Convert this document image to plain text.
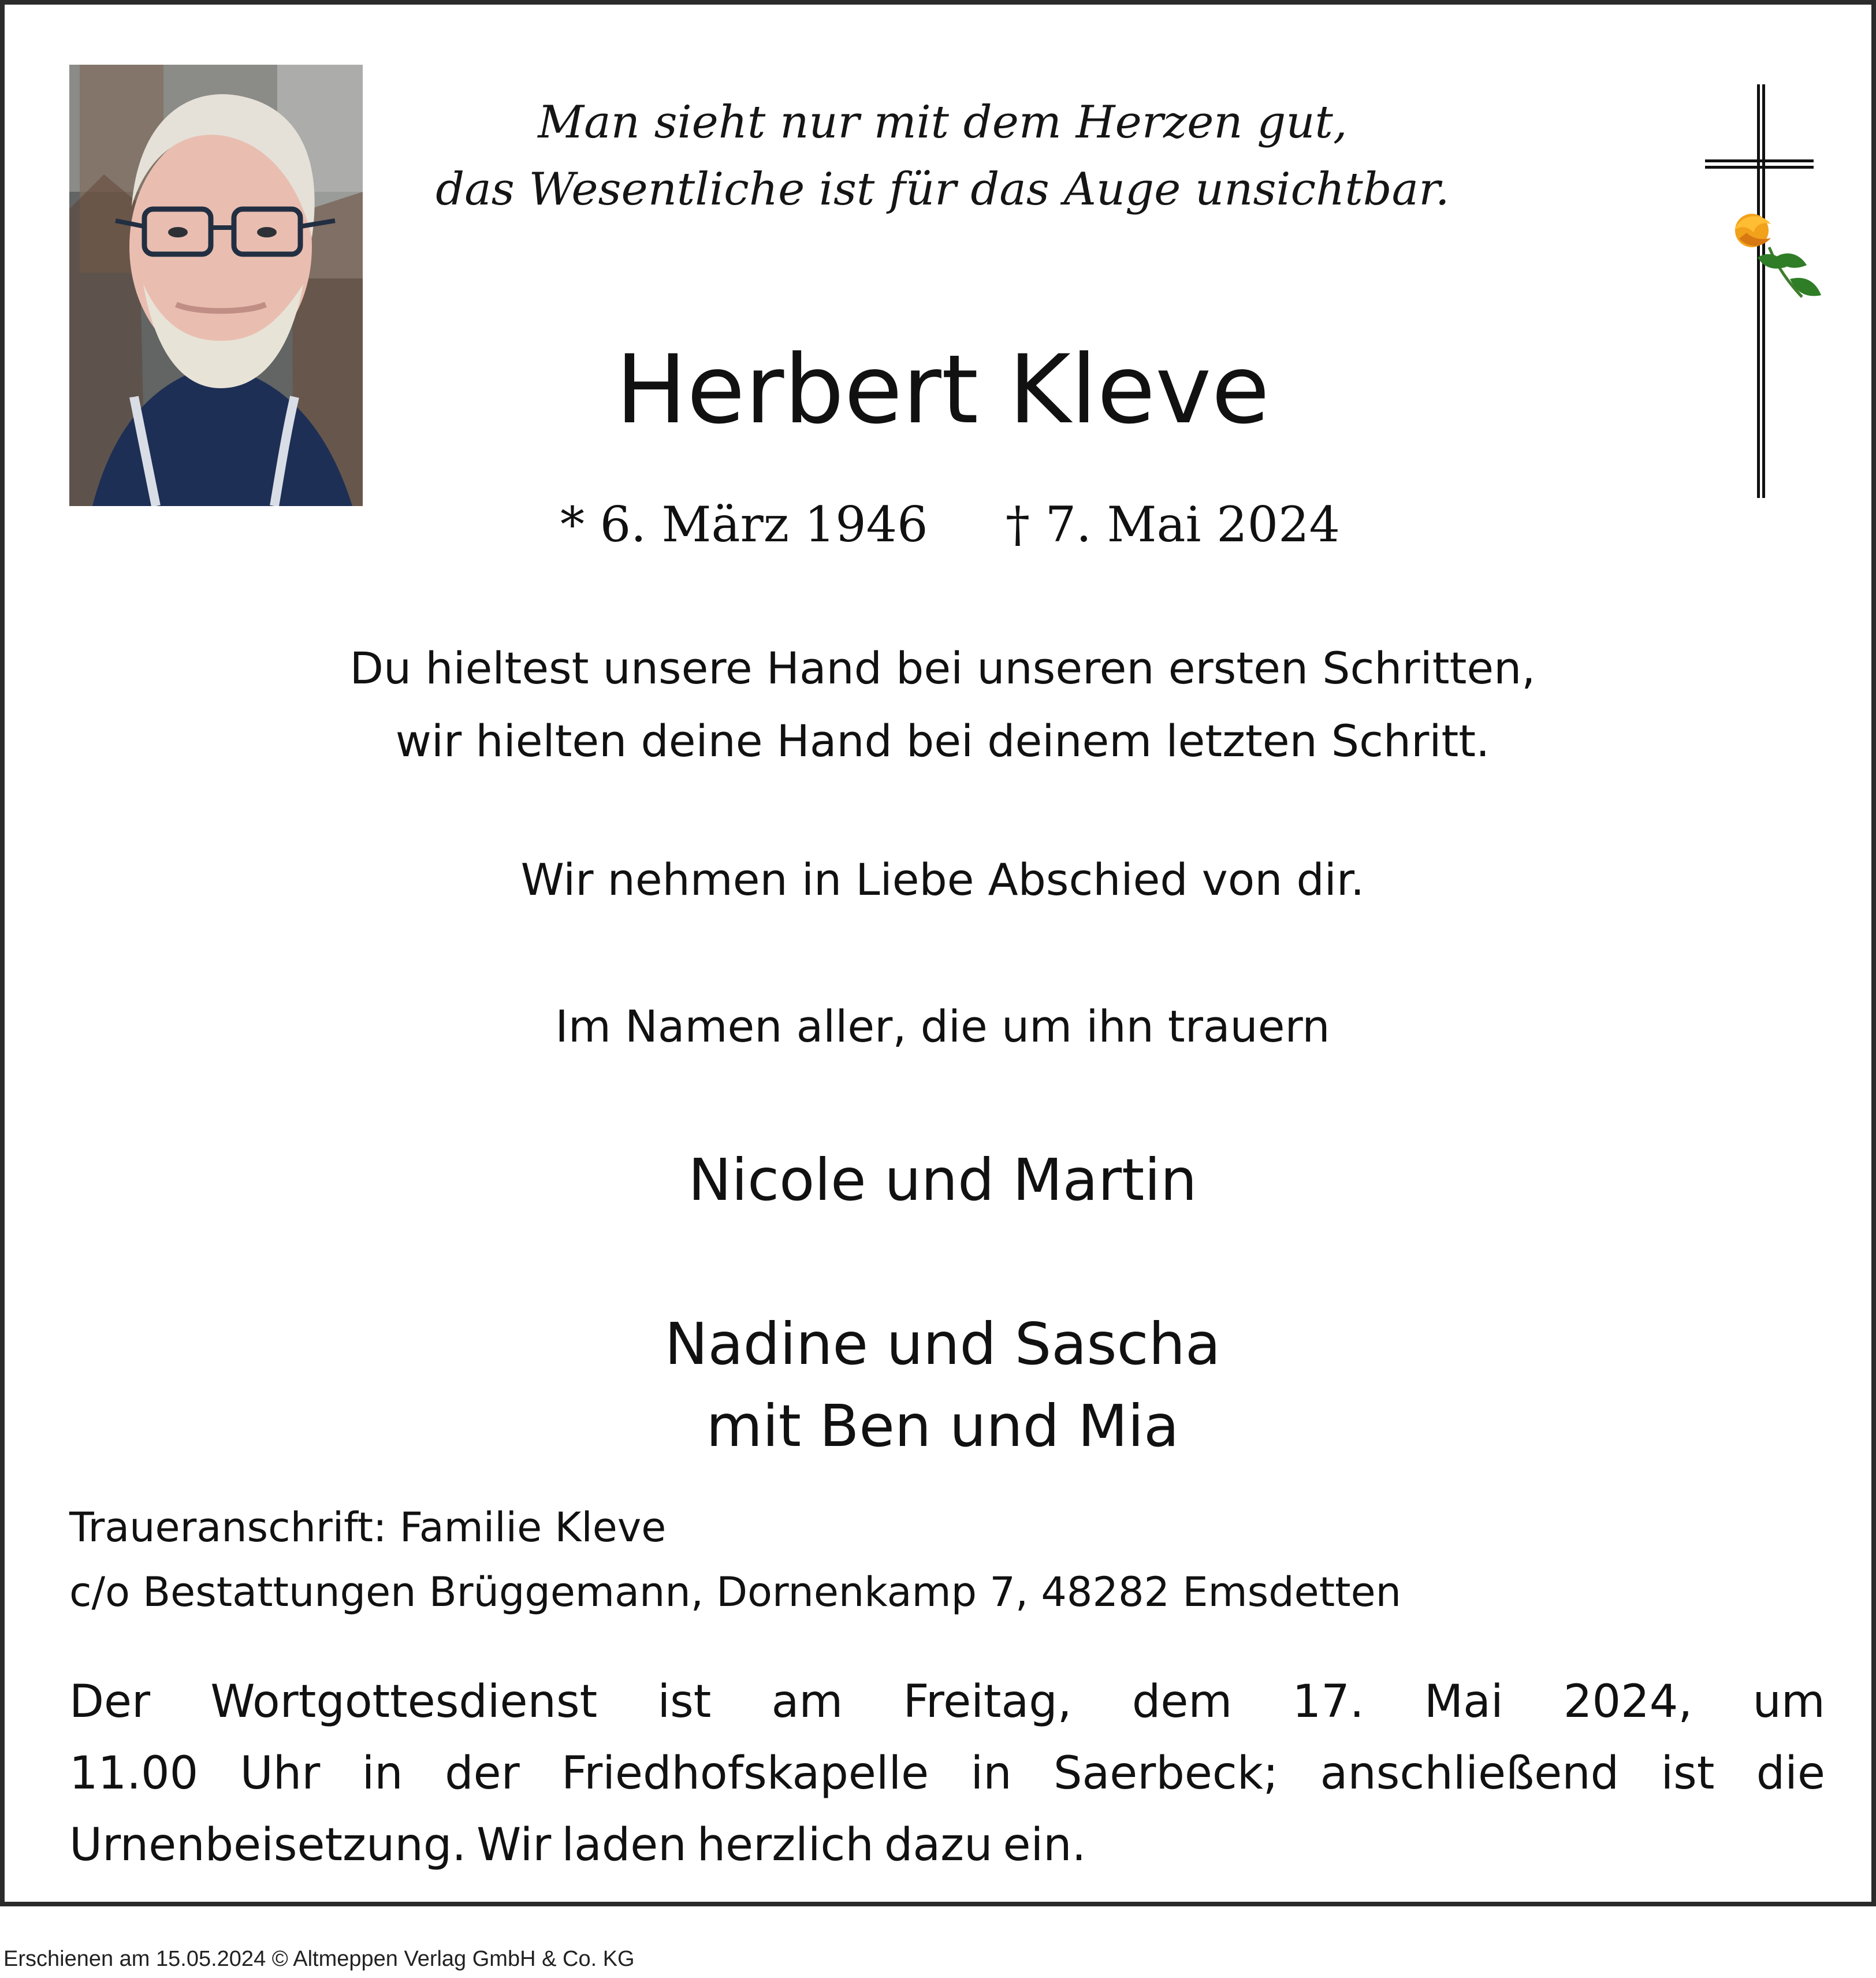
Man sieht nur mit dem Herzen gut,
das Wesentliche ist für das Auge unsichtbar.
Herbert Kleve
* 6. März 1946 † 7. Mai 2024
Du hieltest unsere Hand bei unseren ersten Schritten,
wir hielten deine Hand bei deinem letzten Schritt.
Wir nehmen in Liebe Abschied von dir.
Im Namen aller, die um ihn trauern
Nicole und Martin
Nadine und Sascha
mit Ben und Mia
Traueranschrift: Familie Kleve
c/o Bestattungen Brüggemann, Dornenkamp 7, 48282 Emsdetten
Der Wortgottesdienst ist am Freitag, dem 17. Mai 2024, um
11.00 Uhr in der Friedhofskapelle in Saerbeck; anschließend ist die
Urnenbeisetzung. Wir laden herzlich dazu ein.
Erschienen am 15.05.2024 © Altmeppen Verlag GmbH & Co. KG
